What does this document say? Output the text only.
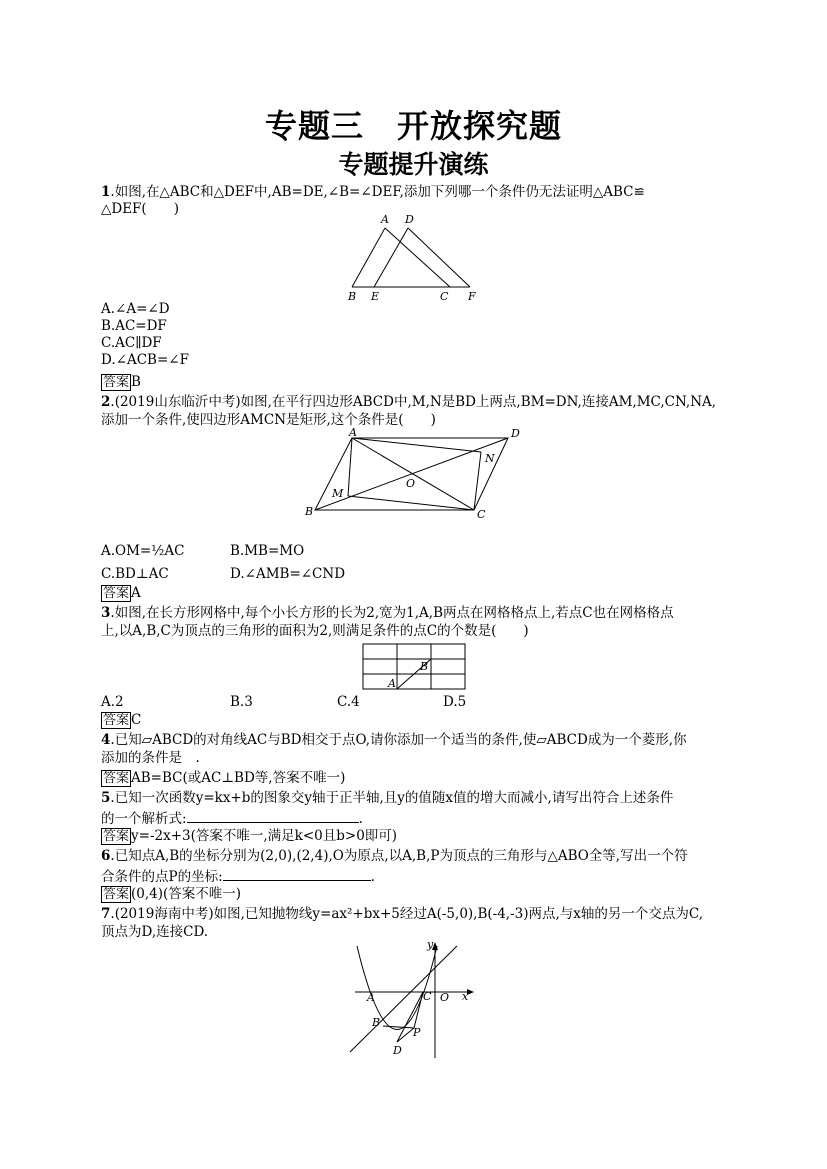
专题三　开放探究题
专题提升演练
1.如图,在△ABC和△DEF中,AB=DE,∠B=∠DEF,添加下列哪一个条件仍无法证明△ABC≌
△DEF(　　)
A D
B E	C F
A.∠A=∠D
B.AC=DF
C.AC∥DF
D.∠ACB=∠F
答案 B
2.(2019山东临沂中考)如图,在平行四边形ABCD中,M,N是BD上两点,BM=DN,连接AM,MC,CN,NA,
添加一个条件,使四边形AMCN是矩形,这个条件是(　　)
A	D
N
O
M
B	C
A.OM=½AC	B.MB=MO
C.BD⊥AC	D.∠AMB=∠CND
答案 A
3.如图,在长方形网格中,每个小长方形的长为2,宽为1,A,B两点在网格格点上,若点C也在网格格点
上,以A,B,C为顶点的三角形的面积为2,则满足条件的点C的个数是(　　)
B
A
A.2	B.3	C.4	D.5
答案 C
4.已知▱ABCD的对角线AC与BD相交于点O,请你添加一个适当的条件,使▱ABCD成为一个菱形,你
添加的条件是　.
答案 AB=BC(或AC⊥BD等,答案不唯一)
5.已知一次函数y=kx+b的图象交y轴于正半轴,且y的值随x值的增大而减小,请写出符合上述条件
的一个解析式:	.
答案 y=-2x+3(答案不唯一,满足k<0且b>0即可)
6.已知点A,B的坐标分别为(2,0),(2,4),O为原点,以A,B,P为顶点的三角形与△ABO全等,写出一个符
合条件的点P的坐标:	.
答案 (0,4)(答案不唯一)
7.(2019海南中考)如图,已知抛物线y=ax²+bx+5经过A(-5,0),B(-4,-3)两点,与x轴的另一个交点为C,
顶点为D,连接CD.
y
x
A	C O
B
P
D
